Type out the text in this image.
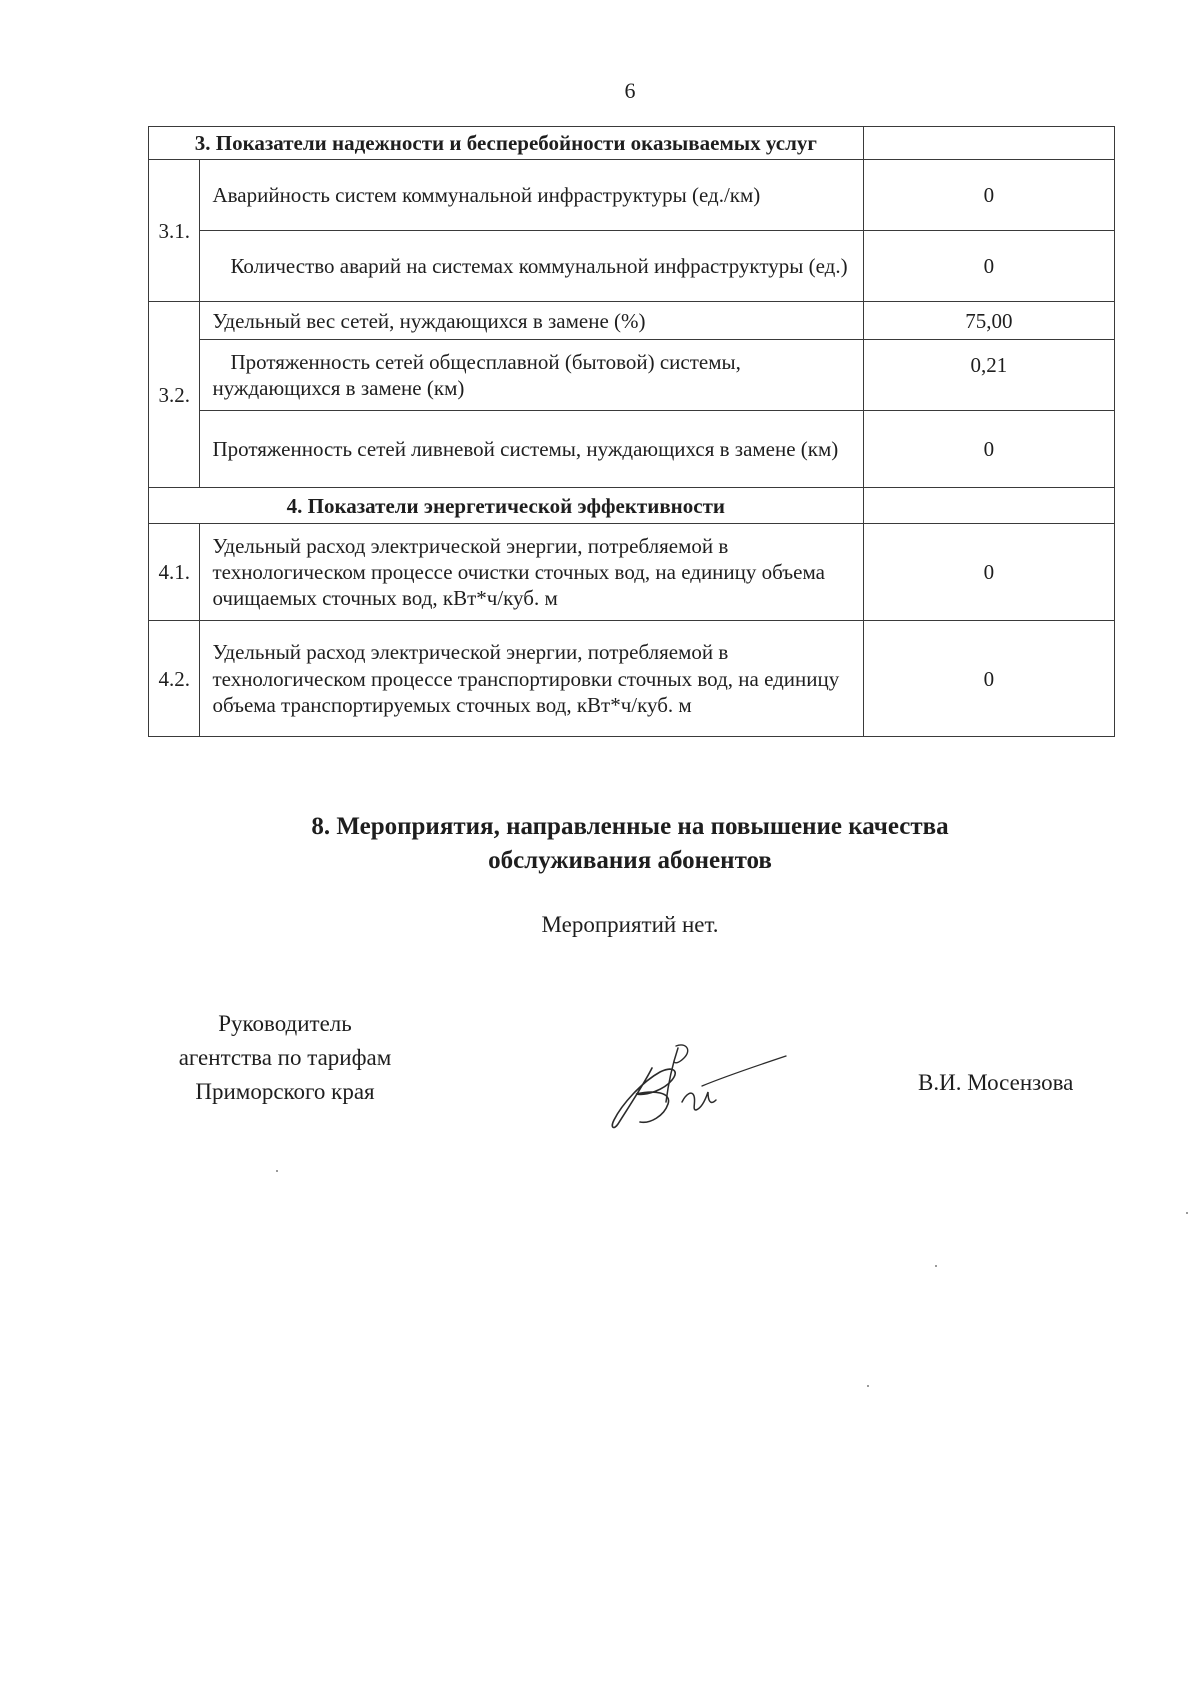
6
3. Показатели надежности и бесперебойности оказываемых услуг		
3.1.	Аварийность систем коммунальной инфраструктуры (ед./км)	0
	Количество аварий на системах коммунальной инфраструктуры (ед.)	0
3.2.	Удельный вес сетей, нуждающихся в замене (%)	75,00
	Протяженность сетей общесплавной (бытовой) системы, нуждающихся в замене (км)	0,21
	Протяженность сетей ливневой системы, нуждающихся в замене (км)	0
4. Показатели энергетической эффективности		
4.1.	Удельный расход электрической энергии, потребляемой в технологическом процессе очистки сточных вод, на единицу объема очищаемых сточных вод, кВт*ч/куб. м	0
4.2.	Удельный расход электрической энергии, потребляемой в технологическом процессе транспортировки сточных вод, на единицу объема транспортируемых сточных вод, кВт*ч/куб. м	0
8. Мероприятия, направленные на повышение качества
обслуживания абонентов
Мероприятий нет.
Руководитель
агентства по тарифам
Приморского края	В.И. Мосензова
